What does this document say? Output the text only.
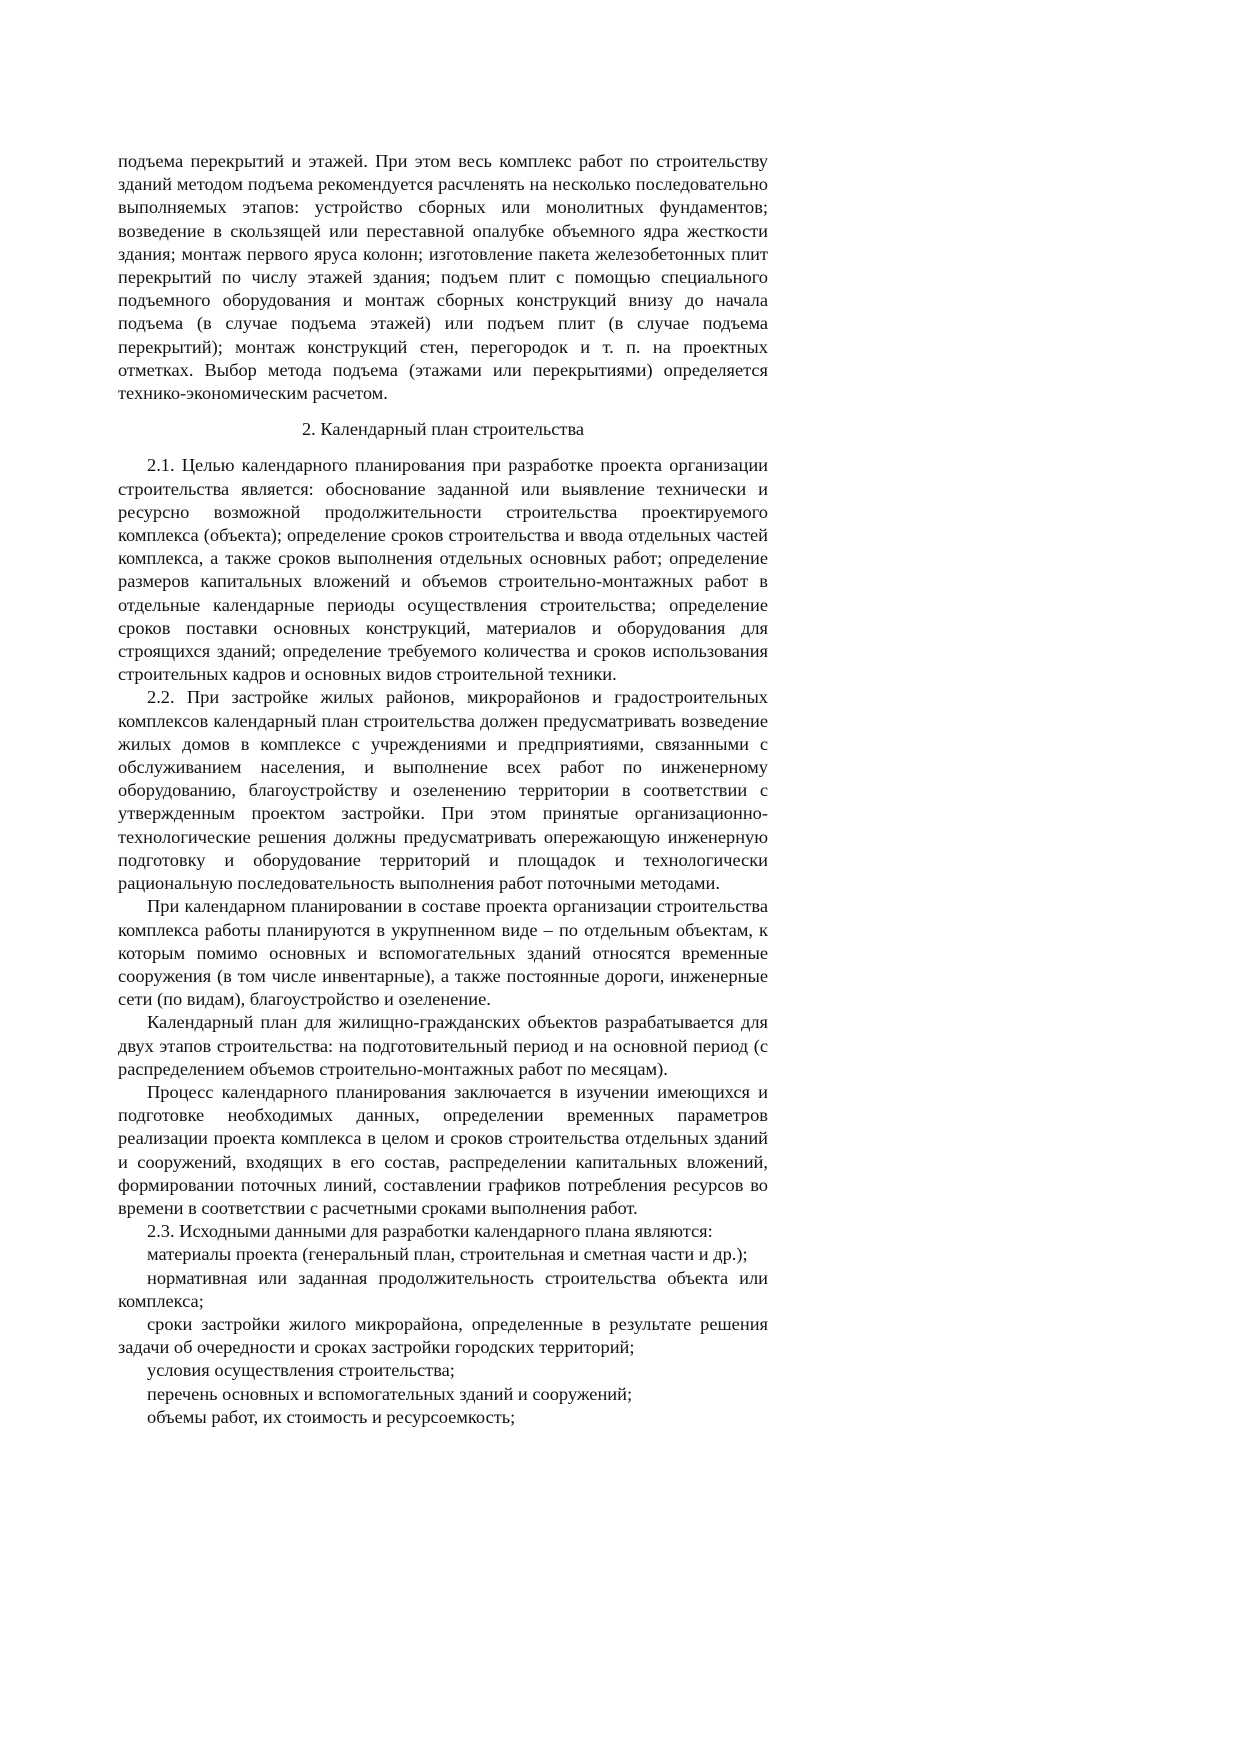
подъема перекрытий и этажей. При этом весь комплекс работ по строительству зданий методом подъема рекомендуется расчленять на несколько последовательно выполняемых этапов: устройство сборных или монолитных фундаментов; возведение в скользящей или переставной опалубке объемного ядра жесткости здания; монтаж первого яруса колонн; изготовление пакета железобетонных плит перекрытий по числу этажей здания; подъем плит с помощью специального подъемного оборудования и монтаж сборных конструкций внизу до начала подъема (в случае подъема этажей) или подъем плит (в случае подъема перекрытий); монтаж конструкций стен, перегородок и т. п. на проектных отметках. Выбор метода подъема (этажами или перекрытиями) определяется технико-экономическим расчетом.

2. Календарный план строительства

2.1. Целью календарного планирования при разработке проекта организации строительства является: обоснование заданной или выявление технически и ресурсно возможной продолжительности строительства проектируемого комплекса (объекта); определение сроков строительства и ввода отдельных частей комплекса, а также сроков выполнения отдельных основных работ; определение размеров капитальных вложений и объемов строительно-монтажных работ в отдельные календарные периоды осуществления строительства; определение сроков поставки основных конструкций, материалов и оборудования для строящихся зданий; определение требуемого количества и сроков использования строительных кадров и основных видов строительной техники.

2.2. При застройке жилых районов, микрорайонов и градостроительных комплексов календарный план строительства должен предусматривать возведение жилых домов в комплексе с учреждениями и предприятиями, связанными с обслуживанием населения, и выполнение всех работ по инженерному оборудованию, благоустройству и озеленению территории в соответствии с утвержденным проектом застройки. При этом принятые организационно-технологические решения должны предусматривать опережающую инженерную подготовку и оборудование территорий и площадок и технологически рациональную последовательность выполнения работ поточными методами.

При календарном планировании в составе проекта организации строительства комплекса работы планируются в укрупненном виде – по отдельным объектам, к которым помимо основных и вспомогательных зданий относятся временные сооружения (в том числе инвентарные), а также постоянные дороги, инженерные сети (по видам), благоустройство и озеленение.

Календарный план для жилищно-гражданских объектов разрабатывается для двух этапов строительства: на подготовительный период и на основной период (с распределением объемов строительно-монтажных работ по месяцам).

Процесс календарного планирования заключается в изучении имеющихся и подготовке необходимых данных, определении временных параметров реализации проекта комплекса в целом и сроков строительства отдельных зданий и сооружений, входящих в его состав, распределении капитальных вложений, формировании поточных линий, составлении графиков потребления ресурсов во времени в соответствии с расчетными сроками выполнения работ.

2.3. Исходными данными для разработки календарного плана являются:

материалы проекта (генеральный план, строительная и сметная части и др.);

нормативная или заданная продолжительность строительства объекта или комплекса;

сроки застройки жилого микрорайона, определенные в результате решения задачи об очередности и сроках застройки городских территорий;

условия осуществления строительства;

перечень основных и вспомогательных зданий и сооружений;

объемы работ, их стоимость и ресурсоемкость;
